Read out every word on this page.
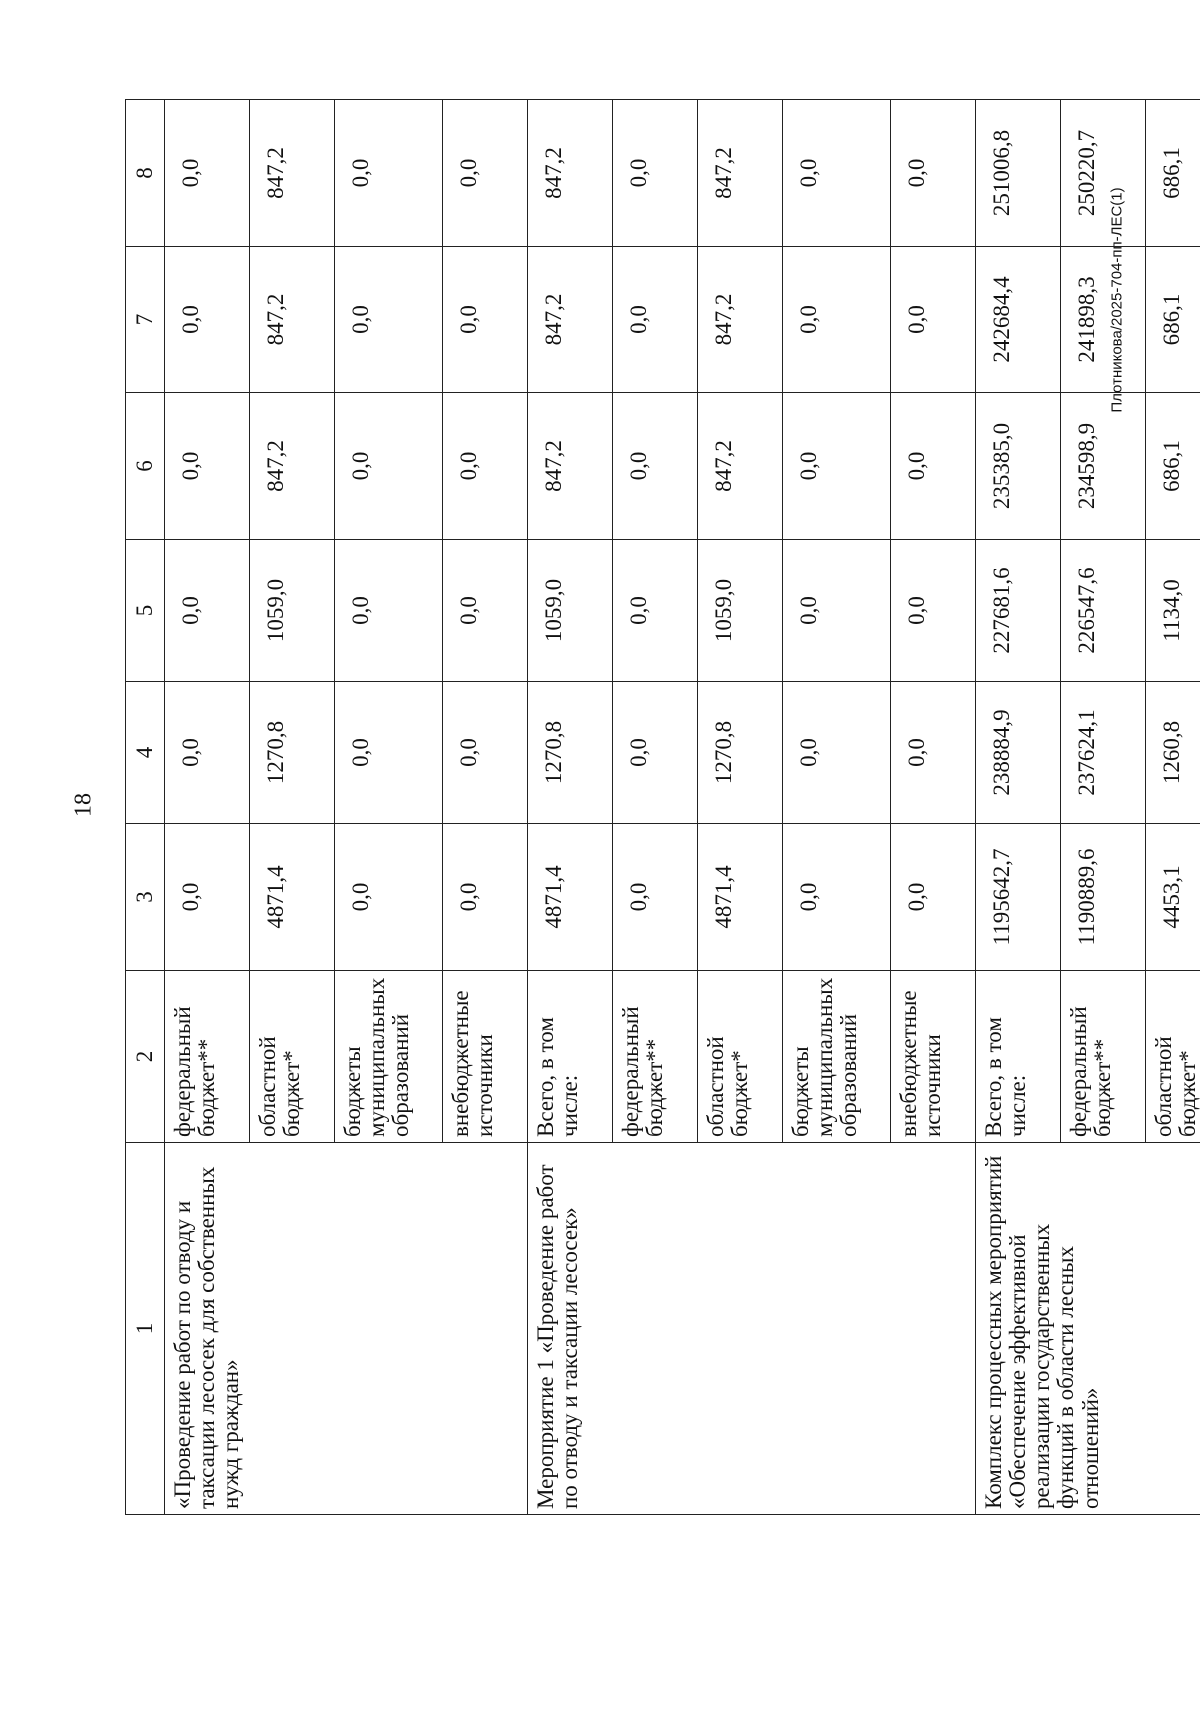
18
Плотникова/2025-704-пп-ЛЕС(1)
1	2	3	4	5	6	7	8
«Проведение работ по отводу и таксации лесосек для собственных нужд граждан»	федеральный бюджет**	0,0	0,0	0,0	0,0	0,0	0,0
	областной бюджет*	4871,4	1270,8	1059,0	847,2	847,2	847,2
	бюджеты муниципальных образований	0,0	0,0	0,0	0,0	0,0	0,0
	внебюджетные источники	0,0	0,0	0,0	0,0	0,0	0,0
Мероприятие 1 «Проведение работ по отводу и таксации лесосек»	Всего, в том числе:	4871,4	1270,8	1059,0	847,2	847,2	847,2
	федеральный бюджет**	0,0	0,0	0,0	0,0	0,0	0,0
	областной бюджет*	4871,4	1270,8	1059,0	847,2	847,2	847,2
	бюджеты муниципальных образований	0,0	0,0	0,0	0,0	0,0	0,0
	внебюджетные источники	0,0	0,0	0,0	0,0	0,0	0,0
Комплекс процессных мероприятий «Обеспечение эффективной реализации государственных функций в области лесных отношений»	Всего, в том числе:	1195642,7	238884,9	227681,6	235385,0	242684,4	251006,8
	федеральный бюджет**	1190889,6	237624,1	226547,6	234598,9	241898,3	250220,7
	областной бюджет*	4453,1	1260,8	1134,0	686,1	686,1	686,1
